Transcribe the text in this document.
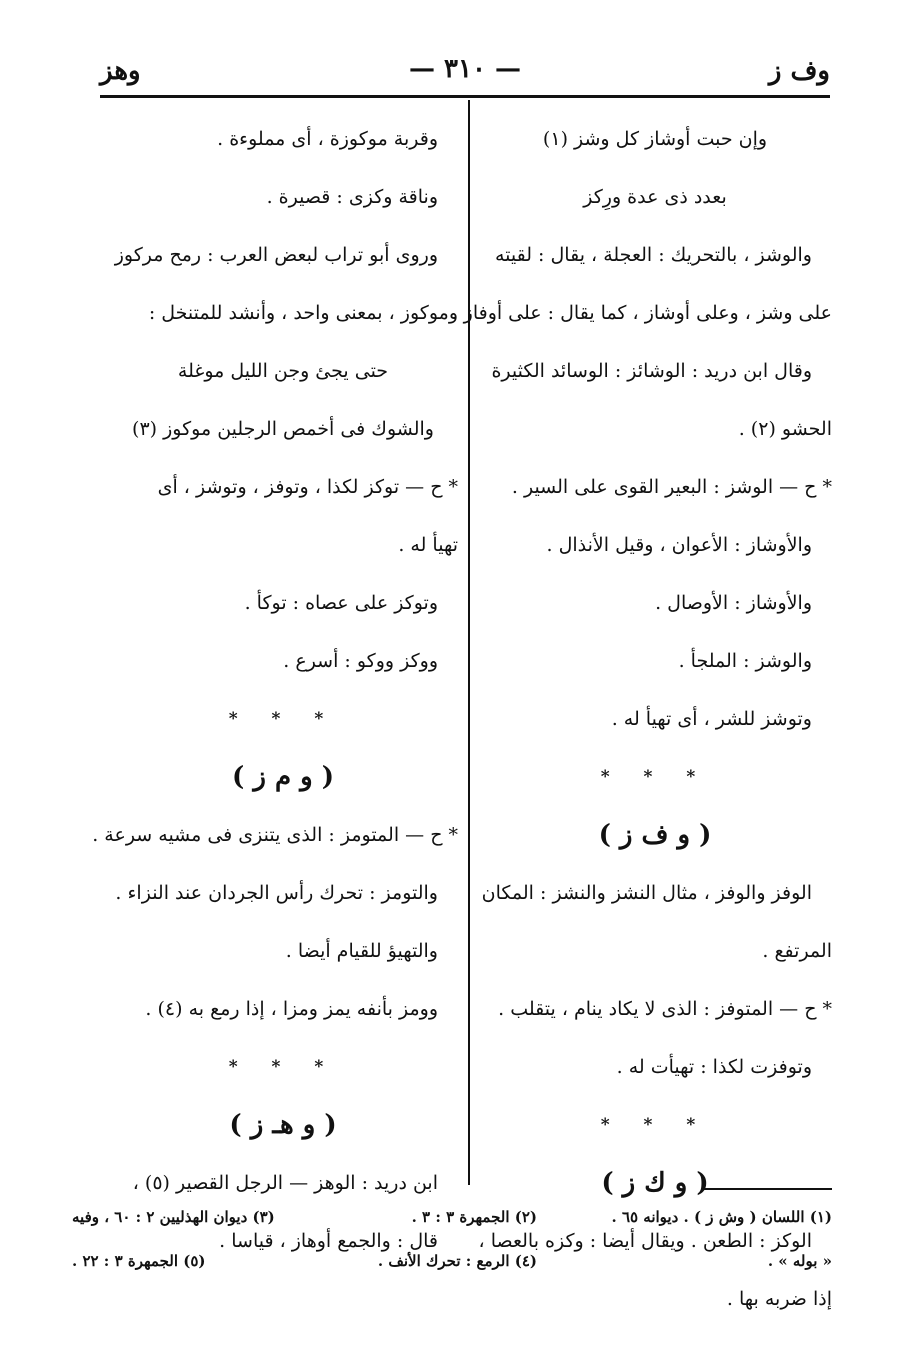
وف ز
— ٣١٠ —
وهز
وإن حبت أوشاز كل وشز (١)
بعدد ذى عدة ورِكز
والوشز ، بالتحريك : العجلة ، يقال : لقيته
على وشز ، وعلى أوشاز ، كما يقال : على أوفاز .
وقال ابن دريد : الوشائز : الوسائد الكثيرة
الحشو (٢) .
* ح — الوشز : البعير القوى على السير .
والأوشاز : الأعوان ، وقيل الأنذال .
والأوشاز : الأوصال .
والوشز : الملجأ .
وتوشز للشر ، أى تهيأ له .
* * *
( و ف ز )
الوفز والوفز ، مثال النشز والنشز : المكان
المرتفع .
* ح — المتوفز : الذى لا يكاد ينام ، يتقلب .
وتوفزت لكذا : تهيأت له .
* * *
( و ك ز )
الوكز : الطعن . ويقال أيضا : وكزه بالعصا ،
إذا ضربه بها .
وقربة موكوزة ، أى مملوءة .
وناقة وكزى : قصيرة .
وروى أبو تراب لبعض العرب : رمح مركوز
وموكوز ، بمعنى واحد ، وأنشد للمتنخل :
حتى يجئ وجن الليل موغلة
والشوك فى أخمص الرجلين موكوز (٣)
* ح — توكز لكذا ، وتوفز ، وتوشز ، أى
تهيأ له .
وتوكز على عصاه : توكأ .
ووكز ووكو : أسرع .
* * *
( و م ز )
* ح — المتومز : الذى يتنزى فى مشيه سرعة .
والتومز : تحرك رأس الجردان عند النزاء .
والتهيؤ للقيام أيضا .
وومز بأنفه يمز ومزا ، إذا رمع به (٤) .
* * *
( و هـ ز )
ابن دريد : الوهز — الرجل القصير (٥) ،
قال : والجمع أوهاز ، قياسا .
(١) اللسان ( وش ز ) . ديوانه ٦٥ .
(٢) الجمهرة ٣ : ٣ .
(٣) ديوان الهذليين ٢ : ٦٠ ، وفيه
« بوله » .
(٤) الرمع : تحرك الأنف .
(٥) الجمهرة ٣ : ٢٢ .
